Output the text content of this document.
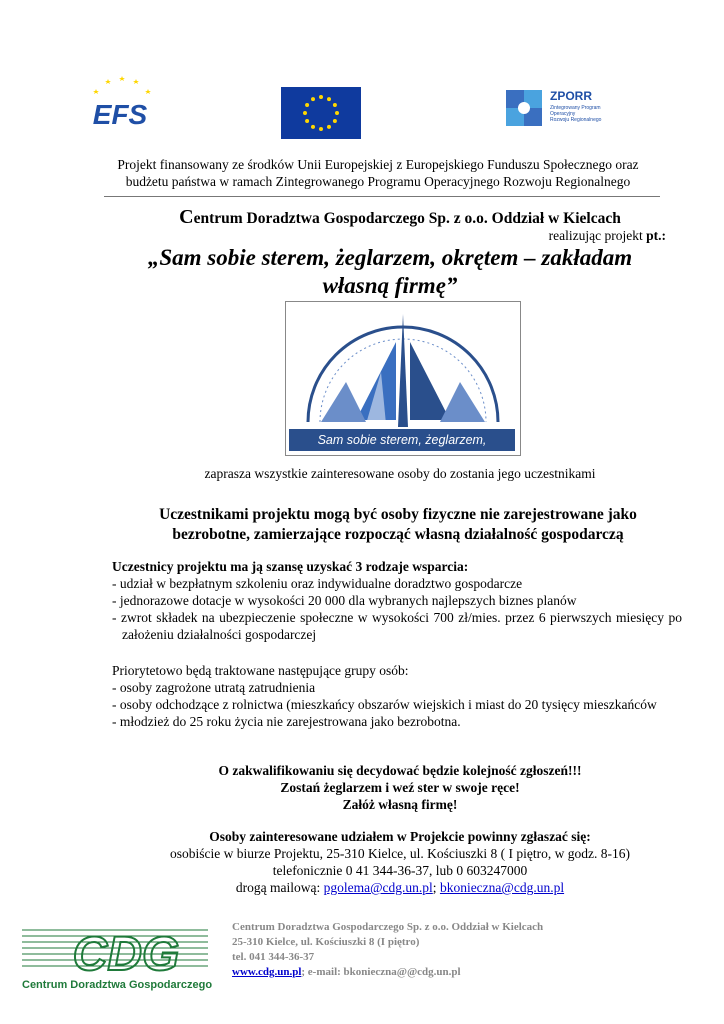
EFS
ZPORR
Zintegrowany Program
Operacyjny
Rozwoju Regionalnego
Projekt finansowany ze środków Unii Europejskiej z Europejskiego Funduszu Społecznego oraz
budżetu państwa w ramach Zintegrowanego Programu Operacyjnego Rozwoju Regionalnego
Centrum Doradztwa Gospodarczego Sp. z o.o. Oddział w Kielcach
realizując projekt pt.:
„Sam sobie sterem, żeglarzem, okrętem – zakładam
własną firmę”
Sam sobie sterem, żeglarzem, okrętem...
zaprasza wszystkie zainteresowane osoby do zostania jego uczestnikami
Uczestnikami projektu mogą być osoby fizyczne nie zarejestrowane jako
bezrobotne, zamierzające rozpocząć własną działalność gospodarczą
Uczestnicy projektu ma ją szansę uzyskać 3 rodzaje wsparcia:
- udział w bezpłatnym szkoleniu oraz indywidualne doradztwo gospodarcze
- jednorazowe dotacje w wysokości 20 000 dla wybranych najlepszych biznes planów
- zwrot składek na ubezpieczenie społeczne w wysokości 700 zł/mies. przez 6 pierwszych miesięcy po założeniu działalności gospodarczej
Priorytetowo będą traktowane następujące grupy osób:
- osoby zagrożone utratą zatrudnienia
- osoby odchodzące z rolnictwa (mieszkańcy obszarów wiejskich i miast do 20 tysięcy mieszkańców
- młodzież do 25 roku życia nie zarejestrowana jako bezrobotna.
O zakwalifikowaniu się decydować będzie kolejność zgłoszeń!!!
Zostań żeglarzem i weź ster w swoje ręce!
Załóż własną firmę!
Osoby zainteresowane udziałem w Projekcie powinny zgłaszać się:
osobiście w biurze Projektu, 25-310 Kielce, ul. Kościuszki 8 ( I piętro, w godz. 8-16)
telefonicznie 0 41 344-36-37, lub 0 603247000
drogą mailową: pgolema@cdg.un.pl; bkonieczna@cdg.un.pl
CDG
Centrum Doradztwa Gospodarczego
Centrum Doradztwa Gospodarczego Sp. z o.o. Oddział w Kielcach
25-310 Kielce, ul. Kościuszki 8 (I piętro)
tel. 041 344-36-37
www.cdg.un.pl; e-mail: bkonieczna@@cdg.un.pl
